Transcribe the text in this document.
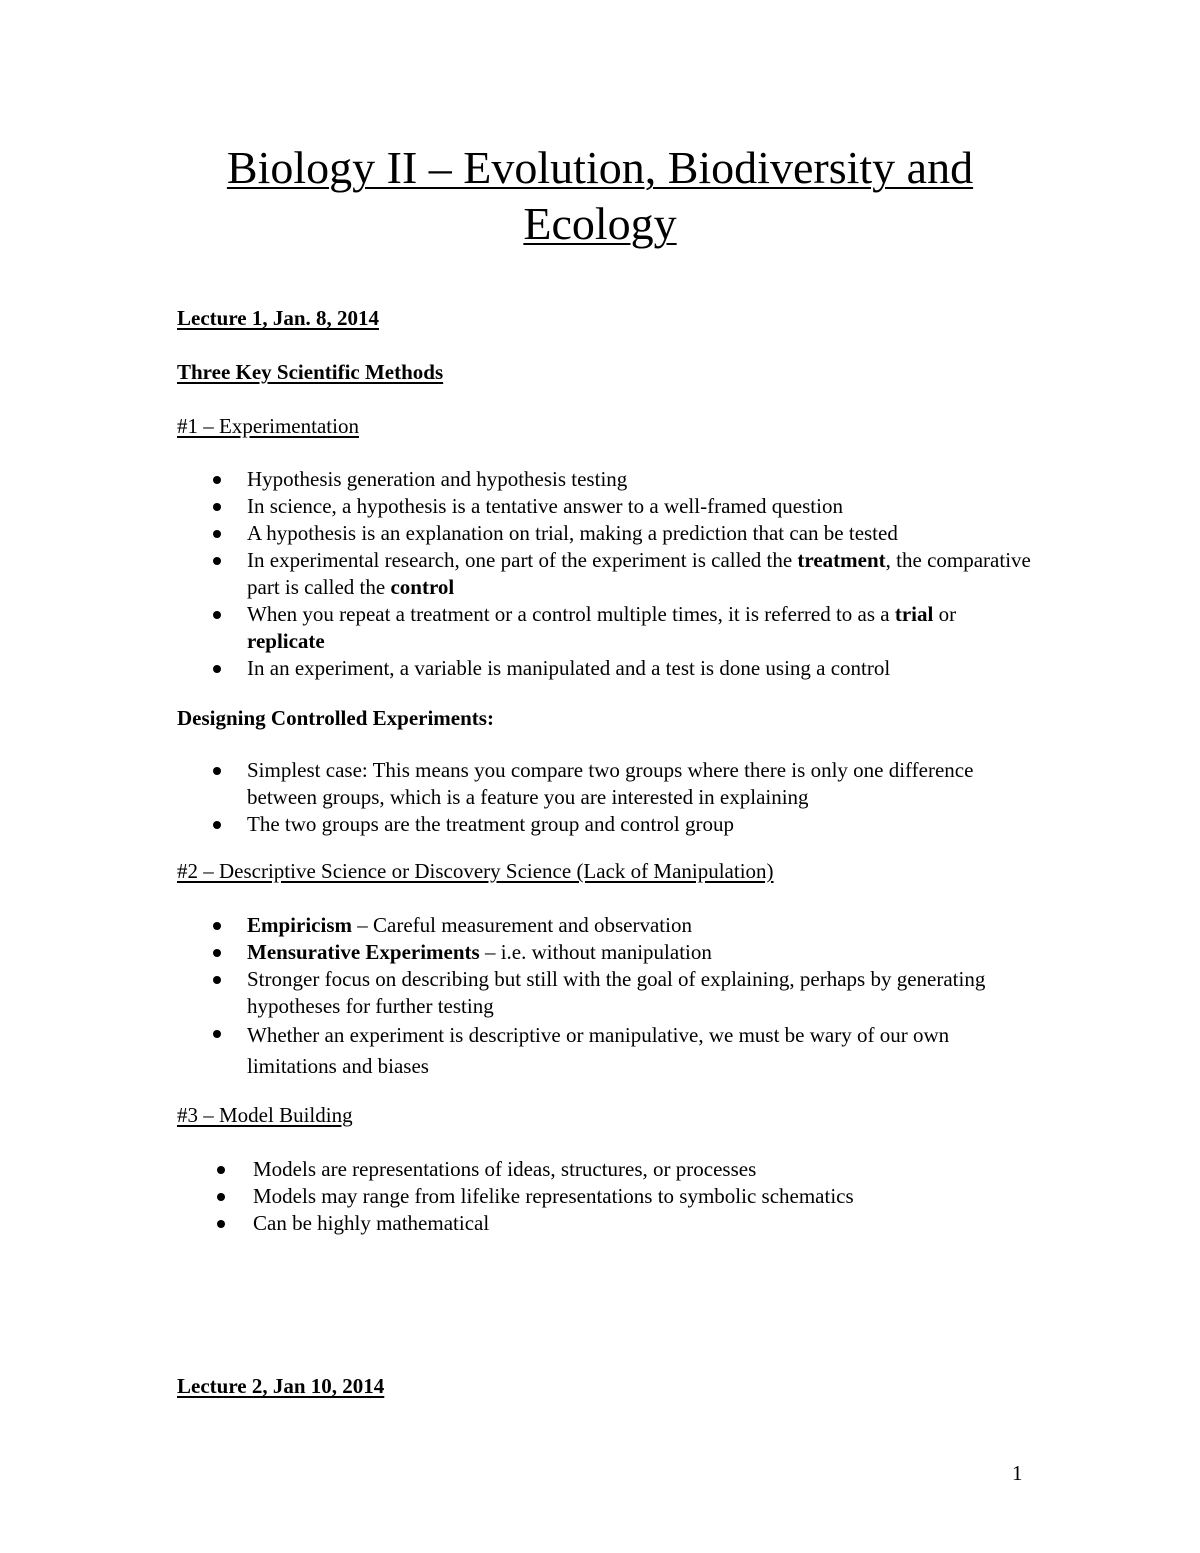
Biology II – Evolution, Biodiversity and
Ecology
Lecture 1, Jan. 8, 2014
Three Key Scientific Methods
#1 – Experimentation
Hypothesis generation and hypothesis testing
In science, a hypothesis is a tentative answer to a well-framed question
A hypothesis is an explanation on trial, making a prediction that can be tested
In experimental research, one part of the experiment is called the treatment, the comparative part is called the control
When you repeat a treatment or a control multiple times, it is referred to as a trial or replicate
In an experiment, a variable is manipulated and a test is done using a control
Designing Controlled Experiments:
Simplest case: This means you compare two groups where there is only one difference between groups, which is a feature you are interested in explaining
The two groups are the treatment group and control group
#2 – Descriptive Science or Discovery Science (Lack of Manipulation)
Empiricism – Careful measurement and observation
Mensurative Experiments – i.e. without manipulation
Stronger focus on describing but still with the goal of explaining, perhaps by generating hypotheses for further testing
Whether an experiment is descriptive or manipulative, we must be wary of our own limitations and biases
#3 – Model Building
Models are representations of ideas, structures, or processes
Models may range from lifelike representations to symbolic schematics
Can be highly mathematical
Lecture 2, Jan 10, 2014
1
